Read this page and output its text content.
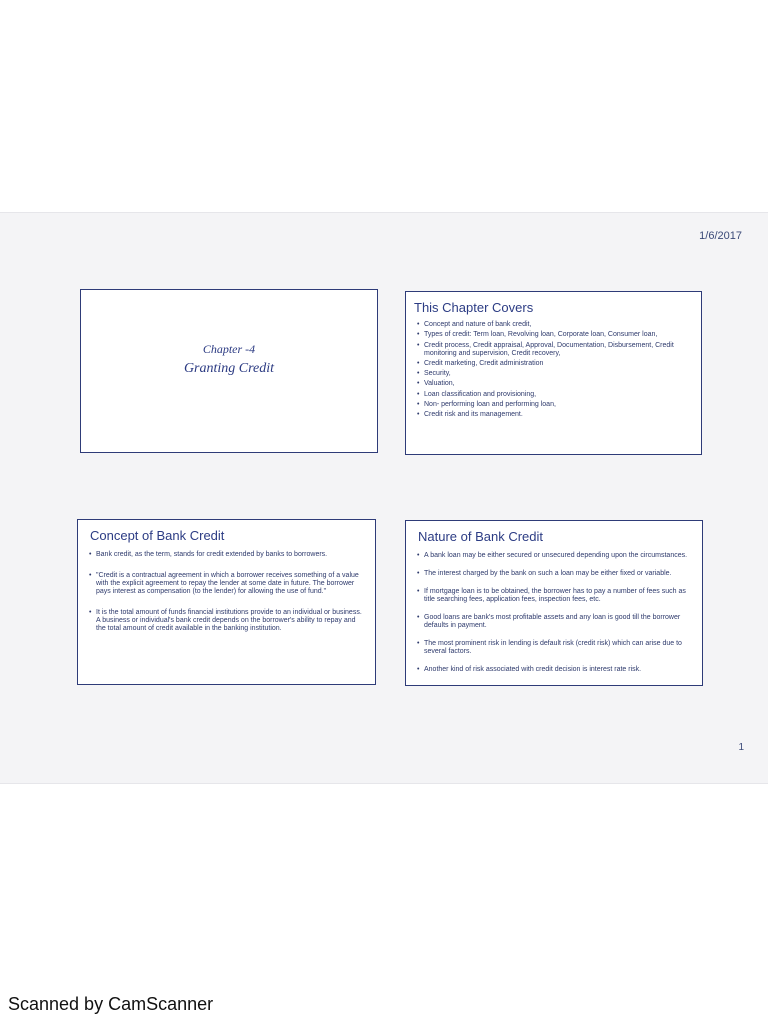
1/6/2017
Chapter -4
Granting Credit
This Chapter Covers
• Concept and nature of bank credit,
• Types of credit: Term loan, Revolving loan, Corporate loan, Consumer loan,
• Credit process, Credit appraisal, Approval, Documentation, Disbursement, Credit monitoring and supervision, Credit recovery,
• Credit marketing, Credit administration
• Security,
• Valuation,
• Loan classification and provisioning,
• Non- performing loan and performing loan,
• Credit risk and its management.
Concept of Bank Credit
• Bank credit, as the term, stands for credit extended by banks to borrowers.
• "Credit is a contractual agreement in which a borrower receives something of a value with the explicit agreement to repay the lender at some date in future. The borrower pays interest as compensation (to the lender) for allowing the use of fund."
• It is the total amount of funds financial institutions provide to an individual or business. A business or individual's bank credit depends on the borrower's ability to repay and the total amount of credit available in the banking institution.
Nature of Bank Credit
• A bank loan may be either secured or unsecured depending upon the circumstances.
• The interest charged by the bank on such a loan may be either fixed or variable.
• If mortgage loan is to be obtained, the borrower has to pay a number of fees such as title searching fees, application fees, inspection fees, etc.
• Good loans are bank's most profitable assets and any loan is good till the borrower defaults in payment.
• The most prominent risk in lending is default risk (credit risk) which can arise due to several factors.
• Another kind of risk associated with credit decision is interest rate risk.
1
Scanned by CamScanner
